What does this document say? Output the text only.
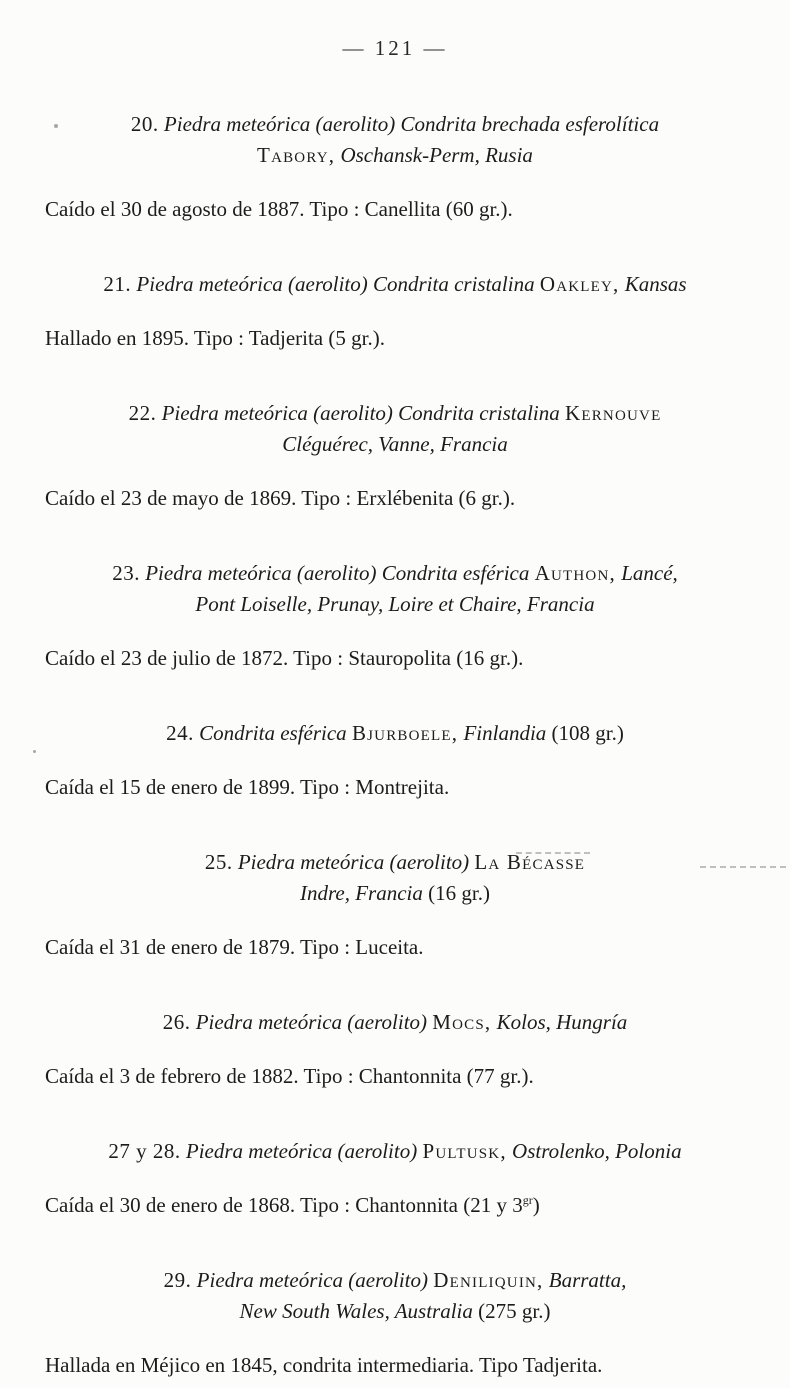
— 121 —
20. Piedra meteórica (aerolito) Condrita brechada esferolítica
Tabory, Oschansk-Perm, Rusia

Caído el 30 de agosto de 1887. Tipo : Canellita (60 gr.).

21. Piedra meteórica (aerolito) Condrita cristalina Oakley, Kansas

Hallado en 1895. Tipo : Tadjerita (5 gr.).

22. Piedra meteórica (aerolito) Condrita cristalina Kernouve
Cléguérec, Vanne, Francia

Caído el 23 de mayo de 1869. Tipo : Erxlébenita (6 gr.).

23. Piedra meteórica (aerolito) Condrita esférica Authon, Lancé,
Pont Loiselle, Prunay, Loire et Chaire, Francia

Caído el 23 de julio de 1872. Tipo : Stauropolita (16 gr.).

24. Condrita esférica Bjurboele, Finlandia (108 gr.)

Caída el 15 de enero de 1899. Tipo : Montrejita.

25. Piedra meteórica (aerolito) La Bécasse
Indre, Francia (16 gr.)

Caída el 31 de enero de 1879. Tipo : Luceita.

26. Piedra meteórica (aerolito) Mocs, Kolos, Hungría

Caída el 3 de febrero de 1882. Tipo : Chantonnita (77 gr.).

27 y 28. Piedra meteórica (aerolito) Pultusk, Ostrolenko, Polonia

Caída el 30 de enero de 1868. Tipo : Chantonnita (21 y $3^{gr}$)

29. Piedra meteórica (aerolito) Deniliquin, Barratta,
New South Wales, Australia (275 gr.)

Hallada en Méjico en 1845, condrita intermediaria. Tipo Tadjerita.
